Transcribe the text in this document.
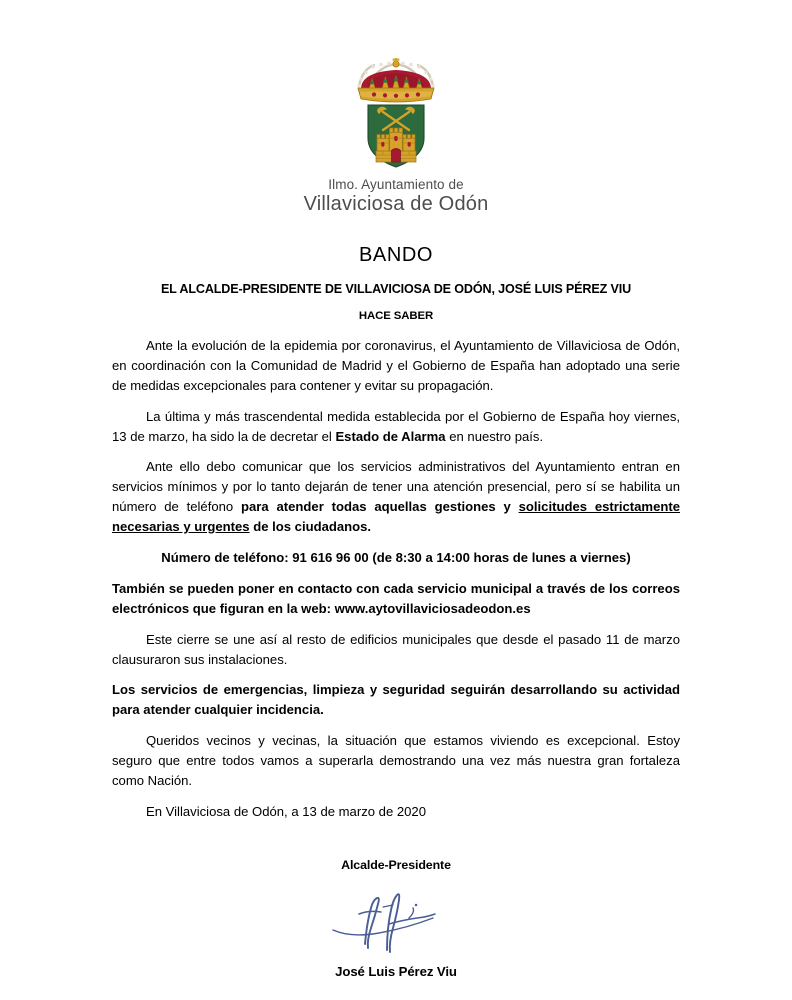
Ilmo. Ayuntamiento de
Villaviciosa de Odón
BANDO
EL ALCALDE-PRESIDENTE DE VILLAVICIOSA DE ODÓN, JOSÉ LUIS PÉREZ VIU
HACE SABER

Ante la evolución de la epidemia por coronavirus, el Ayuntamiento de Villaviciosa de Odón, en coordinación con la Comunidad de Madrid y el Gobierno de España han adoptado una serie de medidas excepcionales para contener y evitar su propagación.

La última y más trascendental medida establecida por el Gobierno de España hoy viernes, 13 de marzo, ha sido la de decretar el Estado de Alarma en nuestro país.

Ante ello debo comunicar que los servicios administrativos del Ayuntamiento entran en servicios mínimos y por lo tanto dejarán de tener una atención presencial, pero sí se habilita un número de teléfono para atender todas aquellas gestiones y solicitudes estrictamente necesarias y urgentes de los ciudadanos.

Número de teléfono: 91 616 96 00 (de 8:30 a 14:00 horas de lunes a viernes)

También se pueden poner en contacto con cada servicio municipal a través de los correos electrónicos que figuran en la web: www.aytovillaviciosadeodon.es

Este cierre se une así al resto de edificios municipales que desde el pasado 11 de marzo clausuraron sus instalaciones.

Los servicios de emergencias, limpieza y seguridad seguirán desarrollando su actividad para atender cualquier incidencia.

Queridos vecinos y vecinas, la situación que estamos viviendo es excepcional. Estoy seguro que entre todos vamos a superarla demostrando una vez más nuestra gran fortaleza como Nación.

En Villaviciosa de Odón, a 13 de marzo de 2020

Alcalde-Presidente
José Luis Pérez Viu
